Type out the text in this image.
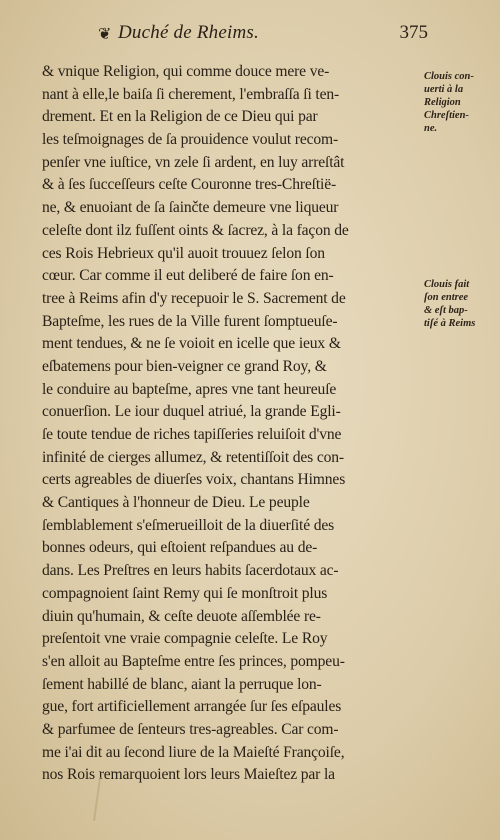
❦ Duché de Rheims.	375
& vnique Religion, qui comme douce mere ve-
nant à elle,le baiſa ſi cherement, l'embraſſa ſi ten-
drement. Et en la Religion de ce Dieu qui par
les teſmoignages de ſa prouidence voulut recom-
penſer vne iuſtice, vn zele ſi ardent, en luy arreſtât
& à ſes ſucceſſeurs ceſte Couronne tres-Chreſtië-
ne, & enuoiant de ſa ſainčte demeure vne liqueur
celeſte dont ilz fuſſent oints & ſacrez, à la façon de
ces Rois Hebrieux qu'il auoit trouuez ſelon ſon
cœur. Car comme il eut deliberé de faire ſon en-
tree à Reims afin d'y recepuoir le S. Sacrement de
Bapteſme, les rues de la Ville furent ſomptueuſe-
ment tendues, & ne ſe voioit en icelle que ieux &
eſbatemens pour bien-veigner ce grand Roy, &
le conduire au bapteſme, apres vne tant heureuſe
conuerſion. Le iour duquel atriué, la grande Egli-
ſe toute tendue de riches tapiſſeries reluiſoit d'vne
infinité de cierges allumez, & retentiſſoit des con-
certs agreables de diuerſes voix, chantans Himnes
& Cantiques à l'honneur de Dieu. Le peuple
ſemblablement s'eſmerueilloit de la diuerſité des
bonnes odeurs, qui eſtoient reſpandues au de-
dans. Les Preſtres en leurs habits ſacerdotaux ac-
compagnoient ſaint Remy qui ſe monſtroit plus
diuin qu'humain, & ceſte deuote aſſemblée re-
preſentoit vne vraie compagnie celeſte. Le Roy
s'en alloit au Bapteſme entre ſes princes, pompeu-
ſement habillé de blanc, aiant la perruque lon-
gue, fort artificiellement arrangée ſur ſes eſpaules
& parfumee de ſenteurs tres-agreables. Car com-
me i'ai dit au ſecond liure de la Maieſté Françoiſe,
nos Rois remarquoient lors leurs Maieſtez par la
Clouis con-
uerti à la
Religion
Chreſtien-
ne.
Clouis fait
ſon entree
& eſt bap-
tiſé à Reims
